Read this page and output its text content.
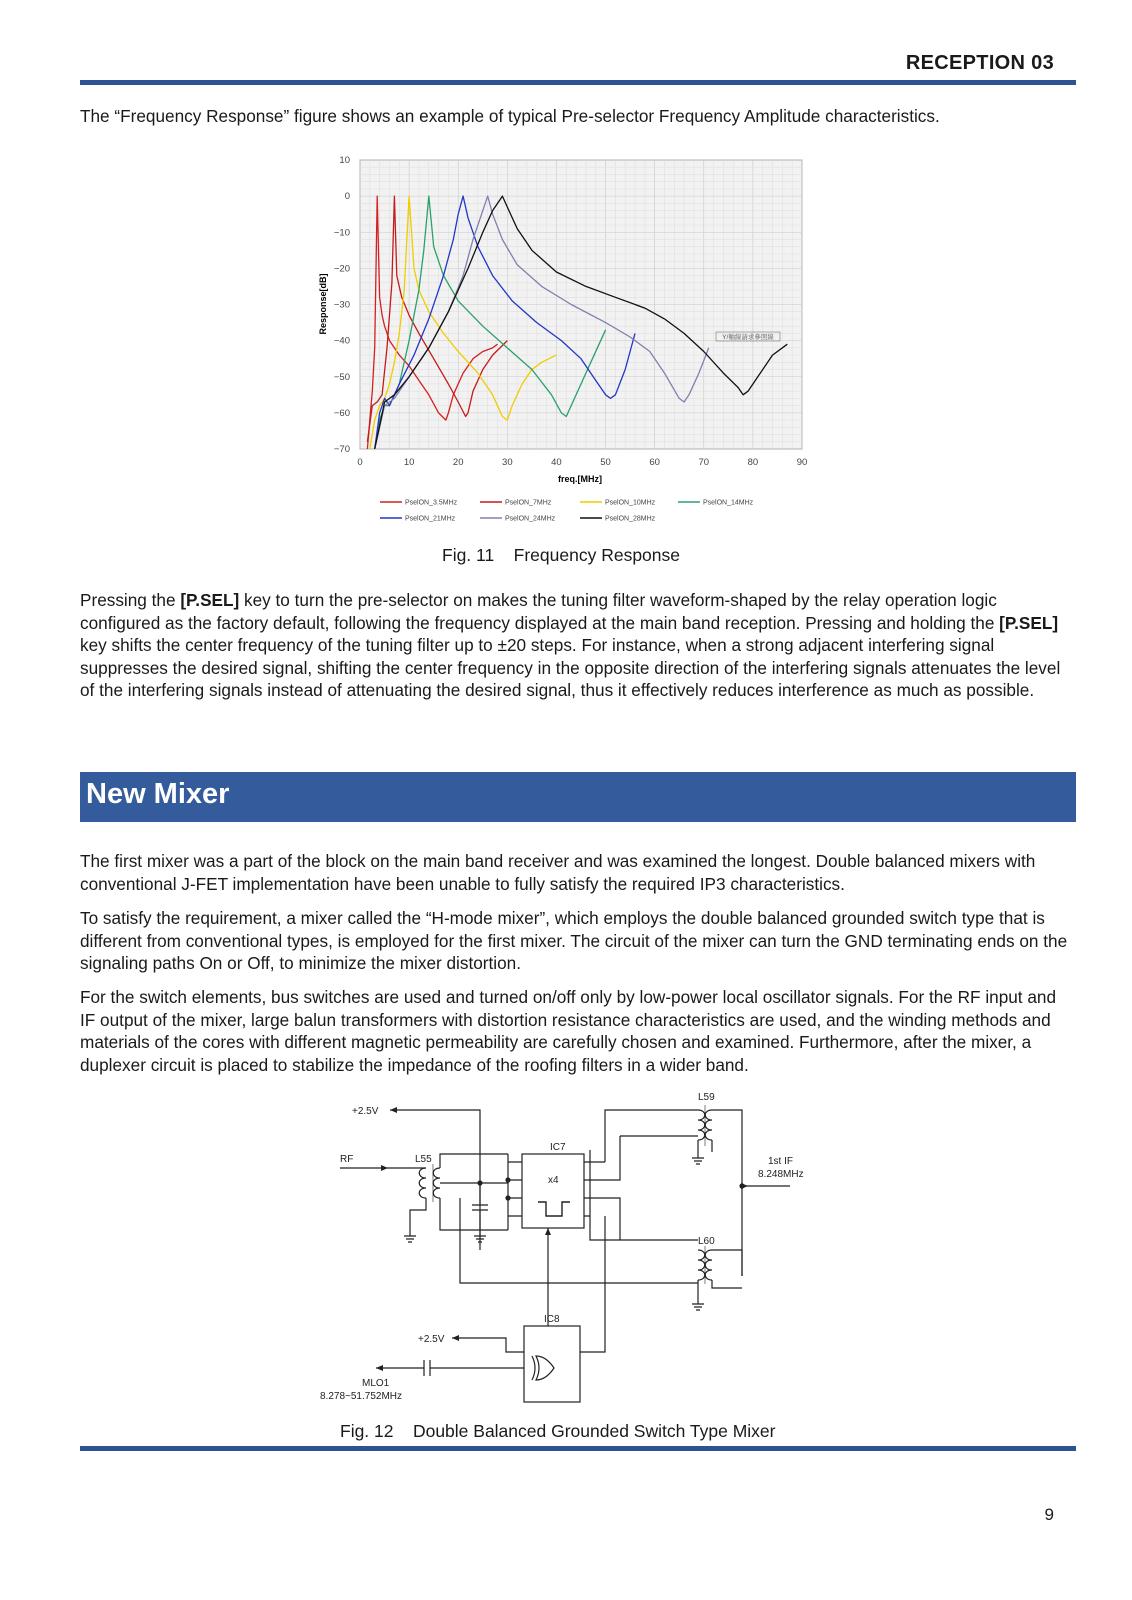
RECEPTION 03

The “Frequency Response” figure shows an example of typical Pre-selector Frequency Amplitude characteristics.

0	10	20	30	40	50	60	70	80	90
10
0
−10
−20
−30
−40
−50
−60
−70
Response[dB]
freq.[MHz]
Y/軸線請求參照線
PselON_3.5MHz	PselON_7MHz	PselON_10MHz	PselON_14MHz
PselON_21MHz	PselON_24MHz	PselON_28MHz
Fig. 11    Frequency Response

Pressing the [P.SEL] key to turn the pre-selector on makes the tuning filter waveform-shaped by the relay operation logic configured as the factory default, following the frequency displayed at the main band reception. Pressing and holding the [P.SEL] key shifts the center frequency of the tuning filter up to ±20 steps. For instance, when a strong adjacent interfering signal suppresses the desired signal, shifting the center frequency in the opposite direction of the interfering signals attenuates the level of the interfering signals instead of attenuating the desired signal, thus it effectively reduces interference as much as possible.

New Mixer

The first mixer was a part of the block on the main band receiver and was examined the longest. Double balanced mixers with conventional J-FET implementation have been unable to fully satisfy the required IP3 characteristics.

To satisfy the requirement, a mixer called the “H-mode mixer”, which employs the double balanced grounded switch type that is different from conventional types, is employed for the first mixer. The circuit of the mixer can turn the GND terminating ends on the signaling paths On or Off, to minimize the mixer distortion.

For the switch elements, bus switches are used and turned on/off only by low-power local oscillator signals. For the RF input and IF output of the mixer, large balun transformers with distortion resistance characteristics are used, and the winding methods and materials of the cores with different magnetic permeability are carefully chosen and examined. Furthermore, after the mixer, a duplexer circuit is placed to stabilize the impedance of the roofing filters in a wider band.

+2.5V
L59
IC7
x4
RF	L55	1st IF
8.248MHz
L60
IC8
+2.5V
MLO1
8.278~51.752MHz
Fig. 12    Double Balanced Grounded Switch Type Mixer
9
